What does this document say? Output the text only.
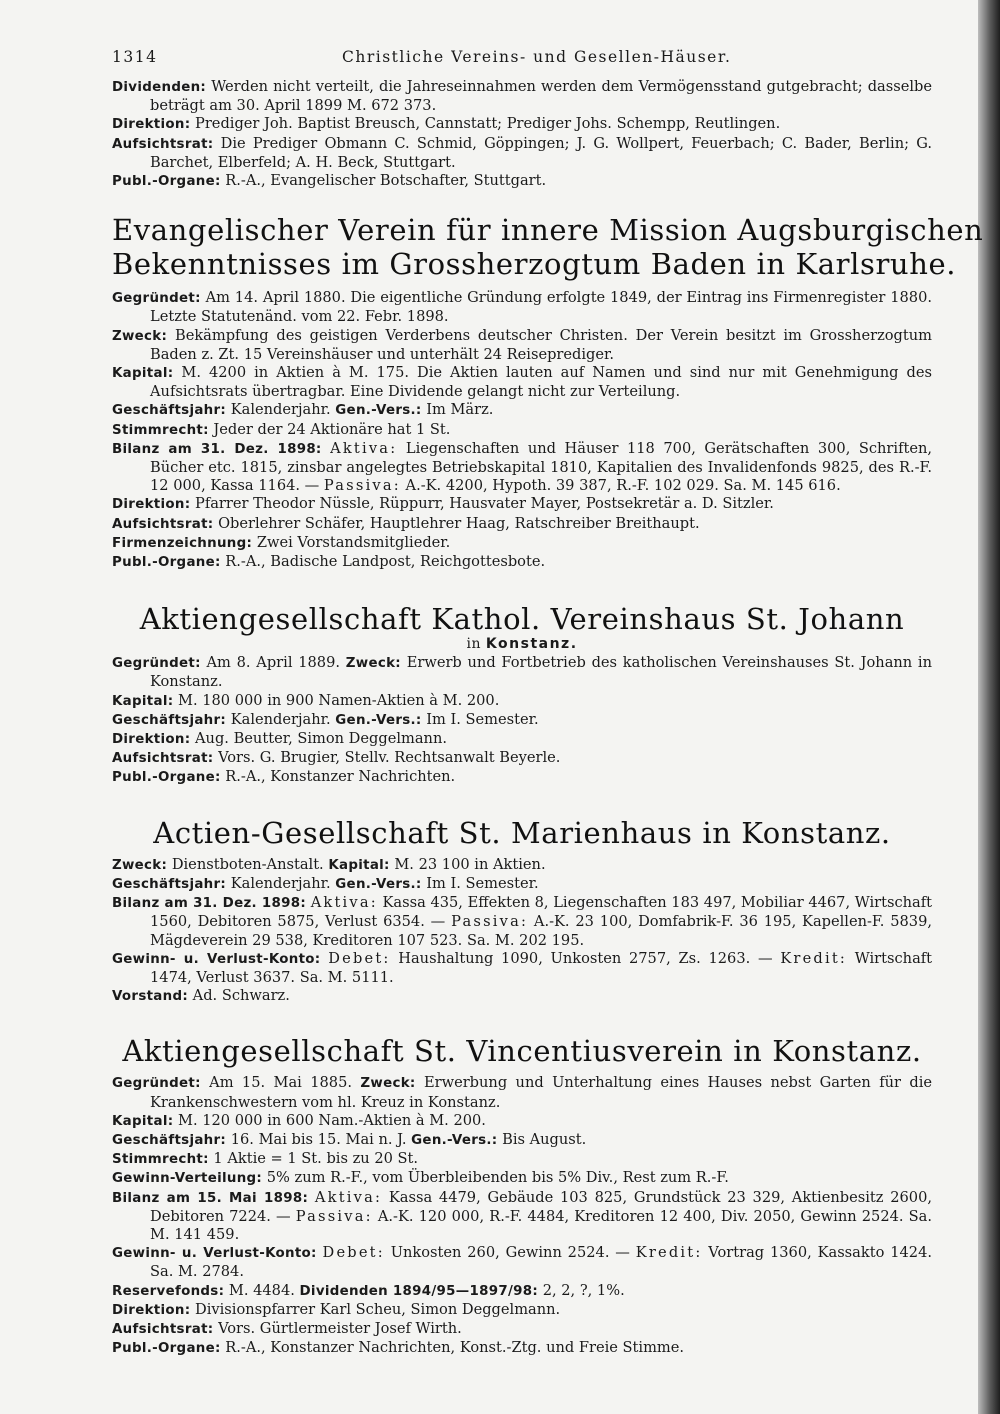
1314	Christliche Vereins- und Gesellen-Häuser.

Dividenden: Werden nicht verteilt, die Jahreseinnahmen werden dem Vermögensstand gutgebracht; dasselbe beträgt am 30. April 1899 M. 672 373.

Direktion: Prediger Joh. Baptist Breusch, Cannstatt; Prediger Johs. Schempp, Reutlingen.

Aufsichtsrat: Die Prediger Obmann C. Schmid, Göppingen; J. G. Wollpert, Feuerbach; C. Bader, Berlin; G. Barchet, Elberfeld; A. H. Beck, Stuttgart.

Publ.-Organe: R.-A., Evangelischer Botschafter, Stuttgart.

Evangelischer Verein für innere Mission Augsburgischen
Bekenntnisses im Grossherzogtum Baden in Karlsruhe.

Gegründet: Am 14. April 1880. Die eigentliche Gründung erfolgte 1849, der Eintrag ins Firmenregister 1880. Letzte Statutenänd. vom 22. Febr. 1898.

Zweck: Bekämpfung des geistigen Verderbens deutscher Christen. Der Verein besitzt im Grossherzogtum Baden z. Zt. 15 Vereinshäuser und unterhält 24 Reiseprediger.

Kapital: M. 4200 in Aktien à M. 175. Die Aktien lauten auf Namen und sind nur mit Genehmigung des Aufsichtsrats übertragbar. Eine Dividende gelangt nicht zur Verteilung.

Geschäftsjahr: Kalenderjahr. Gen.-Vers.: Im März.

Stimmrecht: Jeder der 24 Aktionäre hat 1 St.

Bilanz am 31. Dez. 1898: Aktiva: Liegenschaften und Häuser 118 700, Gerätschaften 300, Schriften, Bücher etc. 1815, zinsbar angelegtes Betriebskapital 1810, Kapitalien des Invalidenfonds 9825, des R.-F. 12 000, Kassa 1164. — Passiva: A.-K. 4200, Hypoth. 39 387, R.-F. 102 029. Sa. M. 145 616.

Direktion: Pfarrer Theodor Nüssle, Rüppurr, Hausvater Mayer, Postsekretär a. D. Sitzler.

Aufsichtsrat: Oberlehrer Schäfer, Hauptlehrer Haag, Ratschreiber Breithaupt.

Firmenzeichnung: Zwei Vorstandsmitglieder.

Publ.-Organe: R.-A., Badische Landpost, Reichgottesbote.

Aktiengesellschaft Kathol. Vereinshaus St. Johann
in Konstanz.

Gegründet: Am 8. April 1889. Zweck: Erwerb und Fortbetrieb des katholischen Vereinshauses St. Johann in Konstanz.

Kapital: M. 180 000 in 900 Namen-Aktien à M. 200.

Geschäftsjahr: Kalenderjahr. Gen.-Vers.: Im I. Semester.

Direktion: Aug. Beutter, Simon Deggelmann.

Aufsichtsrat: Vors. G. Brugier, Stellv. Rechtsanwalt Beyerle.

Publ.-Organe: R.-A., Konstanzer Nachrichten.

Actien-Gesellschaft St. Marienhaus in Konstanz.

Zweck: Dienstboten-Anstalt. Kapital: M. 23 100 in Aktien.

Geschäftsjahr: Kalenderjahr. Gen.-Vers.: Im I. Semester.

Bilanz am 31. Dez. 1898: Aktiva: Kassa 435, Effekten 8, Liegenschaften 183 497, Mobiliar 4467, Wirtschaft 1560, Debitoren 5875, Verlust 6354. — Passiva: A.-K. 23 100, Domfabrik-F. 36 195, Kapellen-F. 5839, Mägdeverein 29 538, Kreditoren 107 523. Sa. M. 202 195.

Gewinn- u. Verlust-Konto: Debet: Haushaltung 1090, Unkosten 2757, Zs. 1263. — Kredit: Wirtschaft 1474, Verlust 3637. Sa. M. 5111.

Vorstand: Ad. Schwarz.

Aktiengesellschaft St. Vincentiusverein in Konstanz.

Gegründet: Am 15. Mai 1885. Zweck: Erwerbung und Unterhaltung eines Hauses nebst Garten für die Krankenschwestern vom hl. Kreuz in Konstanz.

Kapital: M. 120 000 in 600 Nam.-Aktien à M. 200.

Geschäftsjahr: 16. Mai bis 15. Mai n. J. Gen.-Vers.: Bis August.

Stimmrecht: 1 Aktie = 1 St. bis zu 20 St.

Gewinn-Verteilung: 5% zum R.-F., vom Überbleibenden bis 5% Div., Rest zum R.-F.

Bilanz am 15. Mai 1898: Aktiva: Kassa 4479, Gebäude 103 825, Grundstück 23 329, Aktienbesitz 2600, Debitoren 7224. — Passiva: A.-K. 120 000, R.-F. 4484, Kreditoren 12 400, Div. 2050, Gewinn 2524. Sa. M. 141 459.

Gewinn- u. Verlust-Konto: Debet: Unkosten 260, Gewinn 2524. — Kredit: Vortrag 1360, Kassakto 1424. Sa. M. 2784.

Reservefonds: M. 4484. Dividenden 1894/95—1897/98: 2, 2, ?, 1%.

Direktion: Divisionspfarrer Karl Scheu, Simon Deggelmann.

Aufsichtsrat: Vors. Gürtlermeister Josef Wirth.

Publ.-Organe: R.-A., Konstanzer Nachrichten, Konst.-Ztg. und Freie Stimme.
